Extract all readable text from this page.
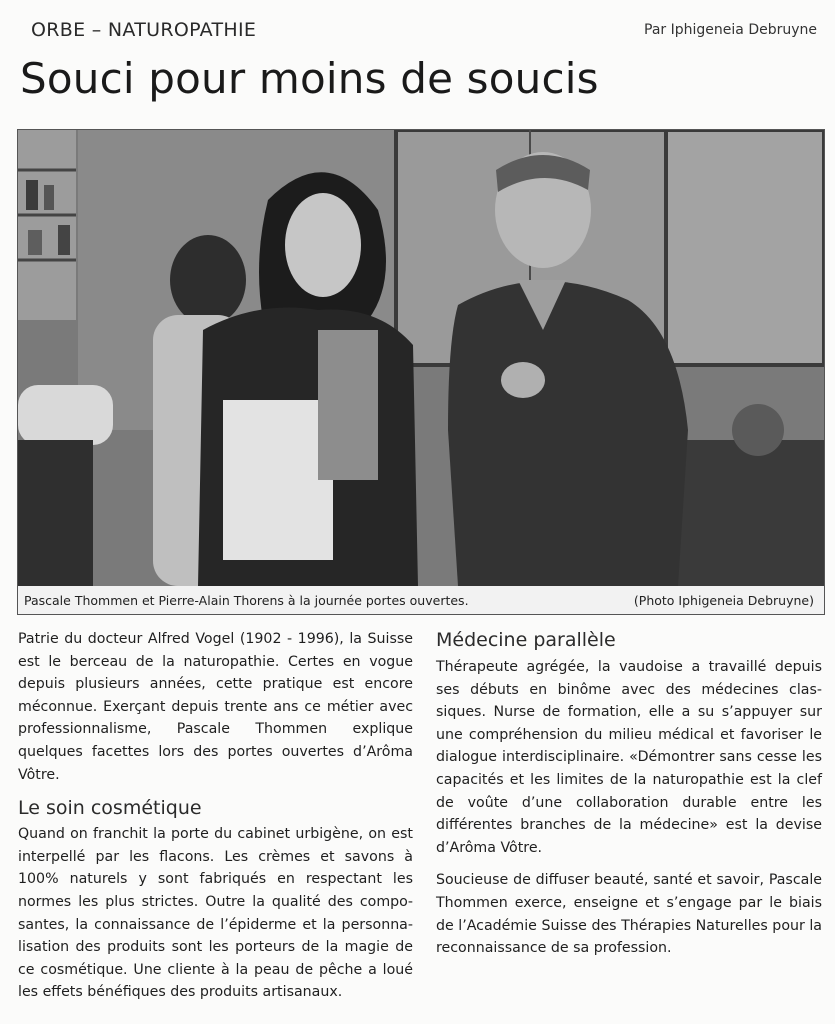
ORBE – NATUROPATHIE	Par Iphigeneia Debruyne
Souci pour moins de soucis
Pascale Thommen et Pierre-Alain Thorens à la journée portes ouvertes.	(Photo Iphigeneia Debruyne)

Patrie du docteur Alfred Vogel (1902 - 1996), la Suisse est le berceau de la naturopathie. Certes en vogue depuis plusieurs années, cette pratique est encore méconnue. Exerçant depuis trente ans ce métier avec professionnalisme, Pascale Thommen explique quelques facettes lors des portes ouvertes d’Arôma Vôtre.

Le soin cosmétique

Quand on franchit la porte du cabinet urbigène, on est interpellé par les flacons. Les crèmes et savons à 100% naturels y sont fabriqués en respectant les normes les plus strictes. Outre la qualité des composantes, la connaissance de l’épiderme et la personnalisation des produits sont les porteurs de la magie de ce cosmétique. Une cliente à la peau de pêche a loué les effets bénéfiques des produits artisanaux.

Médecine parallèle

Thérapeute agrégée, la vaudoise a travaillé depuis ses débuts en binôme avec des médecines classiques. Nurse de formation, elle a su s’appuyer sur une compréhension du milieu médical et favoriser le dialogue interdisciplinaire. «Démontrer sans cesse les capacités et les limites de la naturopathie est la clef de voûte d’une collaboration durable entre les différentes branches de la médecine» est la devise d’Arôma Vôtre.

Soucieuse de diffuser beauté, santé et savoir, Pascale Thommen exerce, enseigne et s’engage par le biais de l’Académie Suisse des Thérapies Naturelles pour la reconnaissance de sa profession.
